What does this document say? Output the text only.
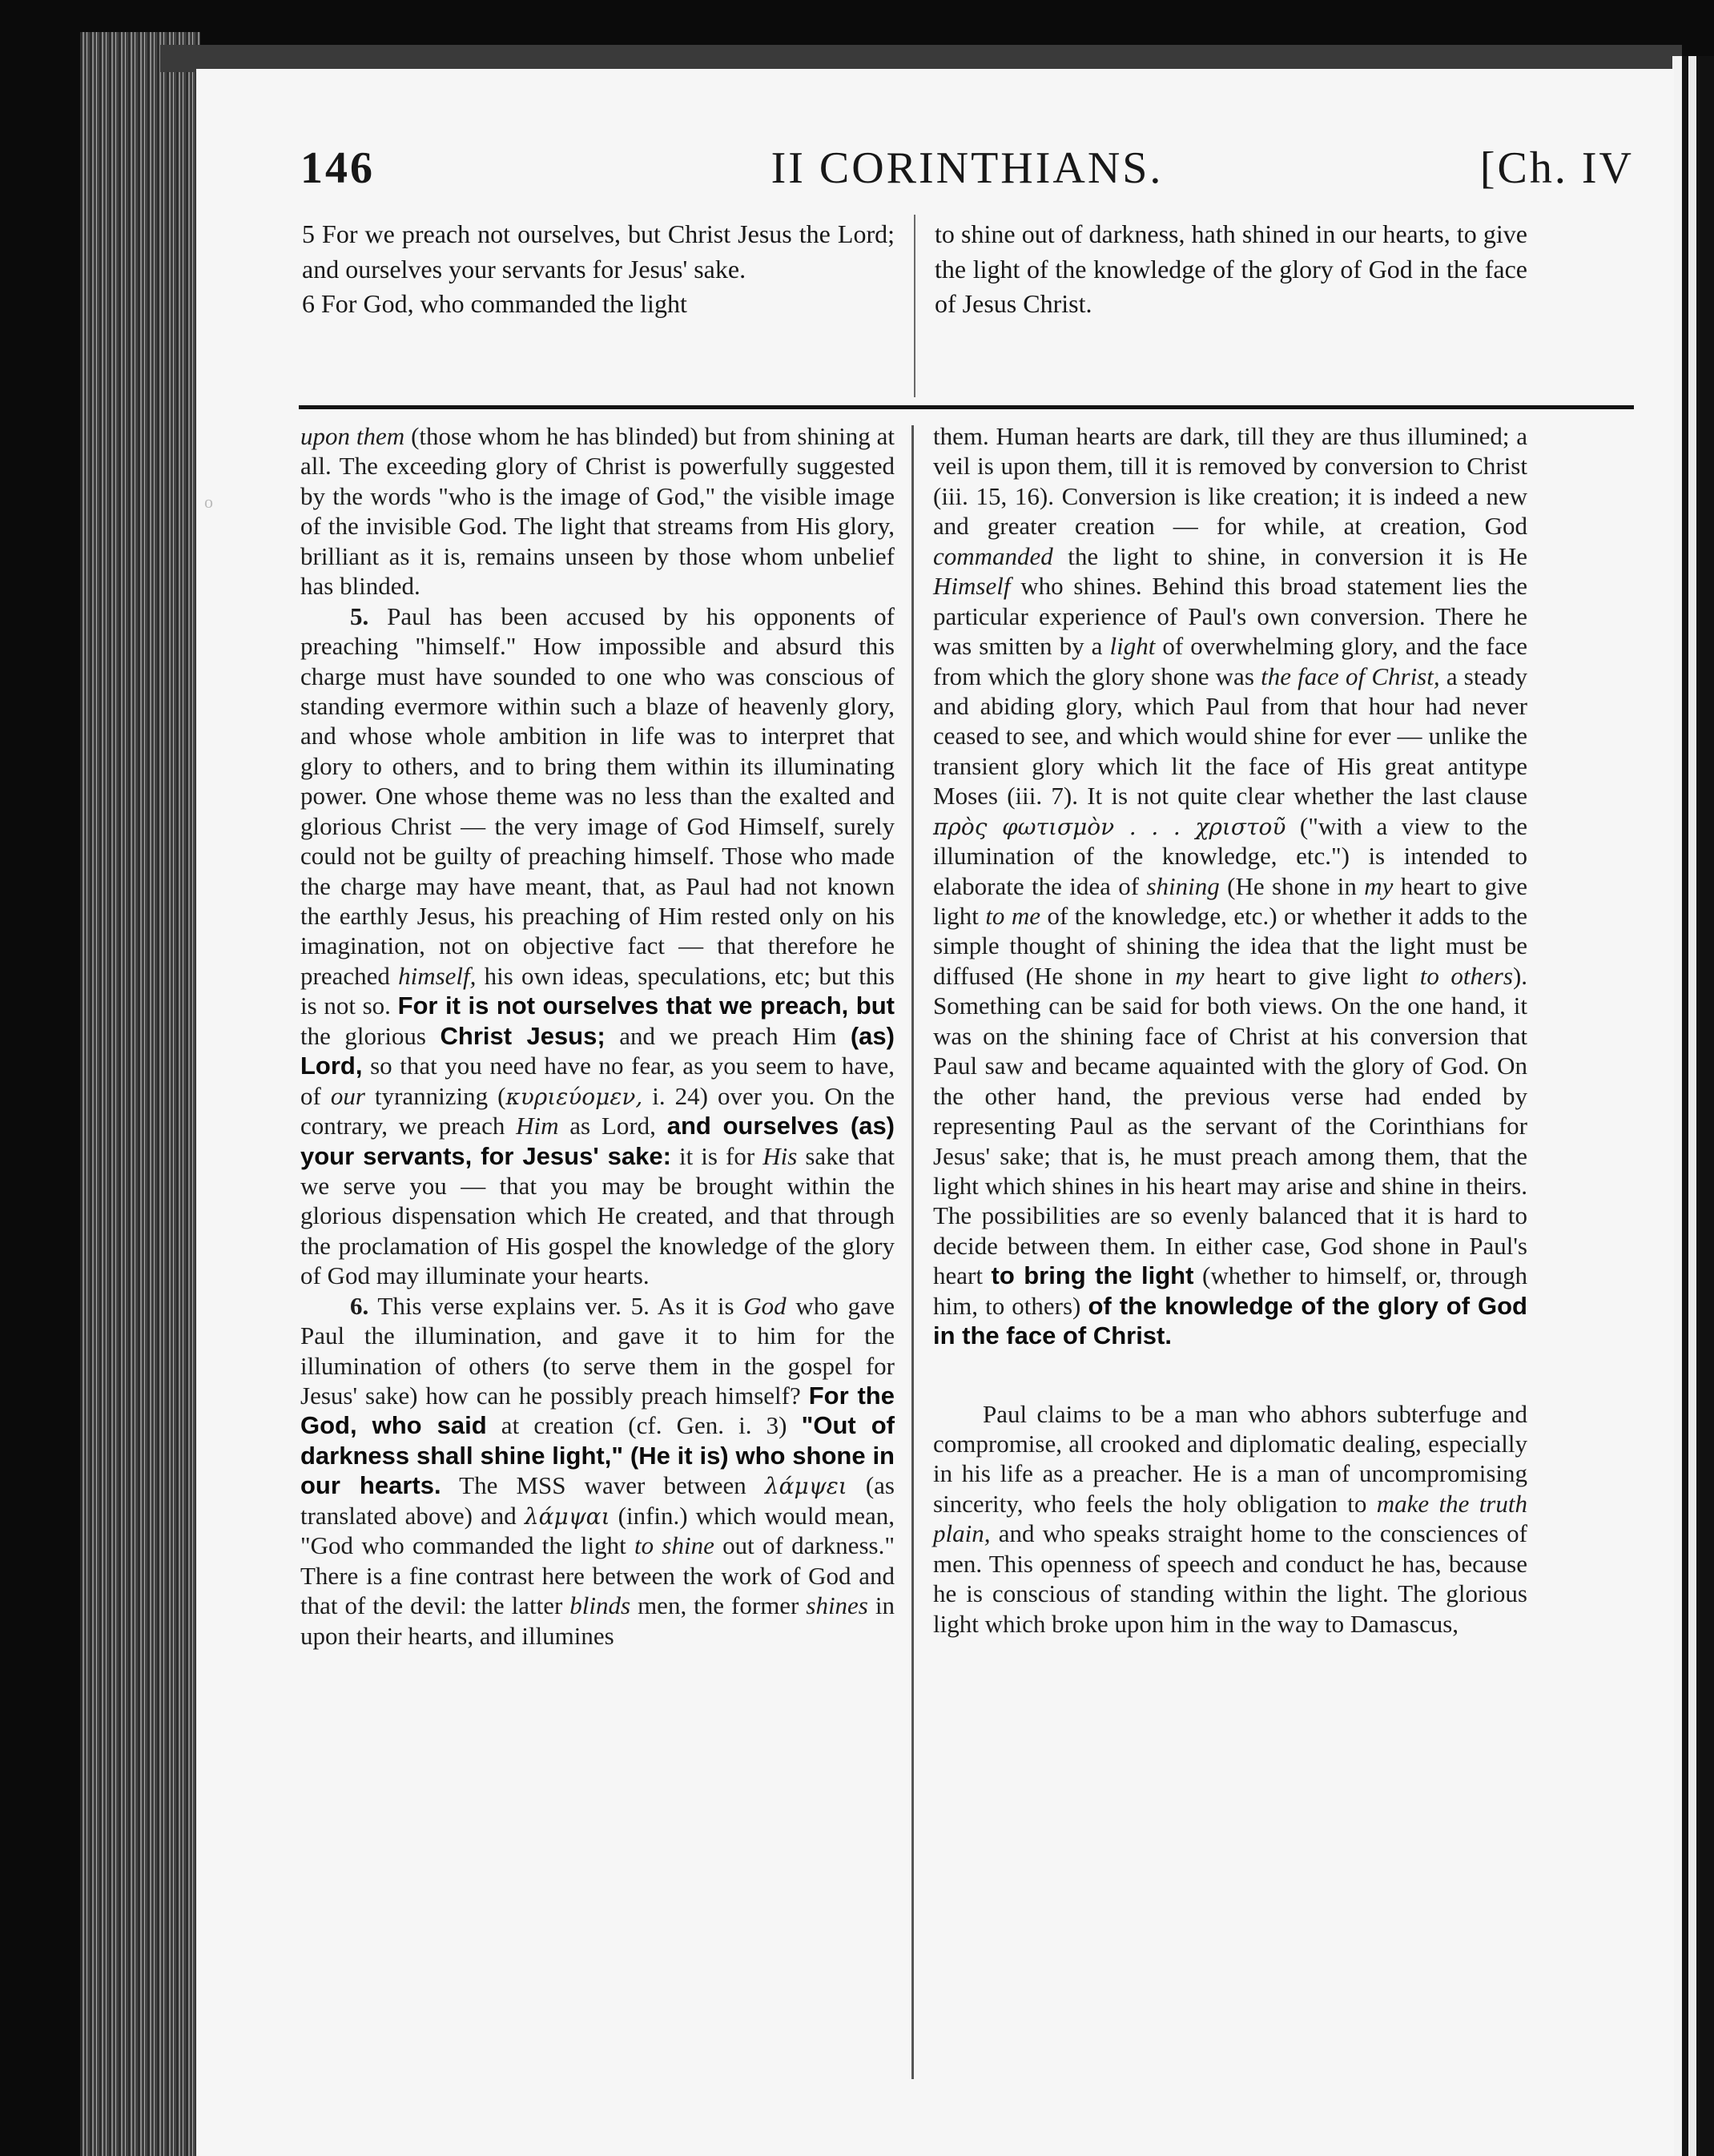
o
146	II CORINTHIANS.	[Ch. IV

5 For we preach not ourselves, but Christ Jesus the Lord; and ourselves your servants for Jesus' sake.

6 For God, who commanded the light

to shine out of darkness, hath shined in our hearts, to give the light of the knowledge of the glory of God in the face of Jesus Christ.

upon them (those whom he has blinded) but from shining at all. The exceeding glory of Christ is powerfully suggested by the words "who is the image of God," the visible image of the invisible God. The light that streams from His glory, brilliant as it is, remains unseen by those whom unbelief has blinded.

5. Paul has been accused by his opponents of preaching "himself." How impossible and absurd this charge must have sounded to one who was conscious of standing evermore within such a blaze of heavenly glory, and whose whole ambition in life was to interpret that glory to others, and to bring them within its illuminating power. One whose theme was no less than the exalted and glorious Christ — the very image of God Himself, surely could not be guilty of preaching himself. Those who made the charge may have meant, that, as Paul had not known the earthly Jesus, his preaching of Him rested only on his imagination, not on objective fact — that therefore he preached himself, his own ideas, speculations, etc; but this is not so. For it is not ourselves that we preach, but the glorious Christ Jesus; and we preach Him (as) Lord, so that you need have no fear, as you seem to have, of our tyrannizing (κυριεύομεν, i. 24) over you. On the contrary, we preach Him as Lord, and ourselves (as) your servants, for Jesus' sake: it is for His sake that we serve you — that you may be brought within the glorious dispensation which He created, and that through the proclamation of His gospel the knowledge of the glory of God may illuminate your hearts.

6. This verse explains ver. 5. As it is God who gave Paul the illumination, and gave it to him for the illumination of others (to serve them in the gospel for Jesus' sake) how can he possibly preach himself? For the God, who said at creation (cf. Gen. i. 3) "Out of darkness shall shine light," (He it is) who shone in our hearts. The MSS waver between λάμψει (as translated above) and λάμψαι (infin.) which would mean, "God who commanded the light to shine out of darkness." There is a fine contrast here between the work of God and that of the devil: the latter blinds men, the former shines in upon their hearts, and illumines

them. Human hearts are dark, till they are thus illumined; a veil is upon them, till it is removed by conversion to Christ (iii. 15, 16). Conversion is like creation; it is indeed a new and greater creation — for while, at creation, God commanded the light to shine, in conversion it is He Himself who shines. Behind this broad statement lies the particular experience of Paul's own conversion. There he was smitten by a light of overwhelming glory, and the face from which the glory shone was the face of Christ, a steady and abiding glory, which Paul from that hour had never ceased to see, and which would shine for ever — unlike the transient glory which lit the face of His great antitype Moses (iii. 7). It is not quite clear whether the last clause πρὸς φωτισμὸν . . . χριστοῦ ("with a view to the illumination of the knowledge, etc.") is intended to elaborate the idea of shining (He shone in my heart to give light to me of the knowledge, etc.) or whether it adds to the simple thought of shining the idea that the light must be diffused (He shone in my heart to give light to others). Something can be said for both views. On the one hand, it was on the shining face of Christ at his conversion that Paul saw and became aquainted with the glory of God. On the other hand, the previous verse had ended by representing Paul as the servant of the Corinthians for Jesus' sake; that is, he must preach among them, that the light which shines in his heart may arise and shine in theirs. The possibilities are so evenly balanced that it is hard to decide between them. In either case, God shone in Paul's heart to bring the light (whether to himself, or, through him, to others) of the knowledge of the glory of God in the face of Christ.

Paul claims to be a man who abhors subterfuge and compromise, all crooked and diplomatic dealing, especially in his life as a preacher. He is a man of uncompromising sincerity, who feels the holy obligation to make the truth plain, and who speaks straight home to the consciences of men. This openness of speech and conduct he has, because he is conscious of standing within the light. The glorious light which broke upon him in the way to Damascus,
